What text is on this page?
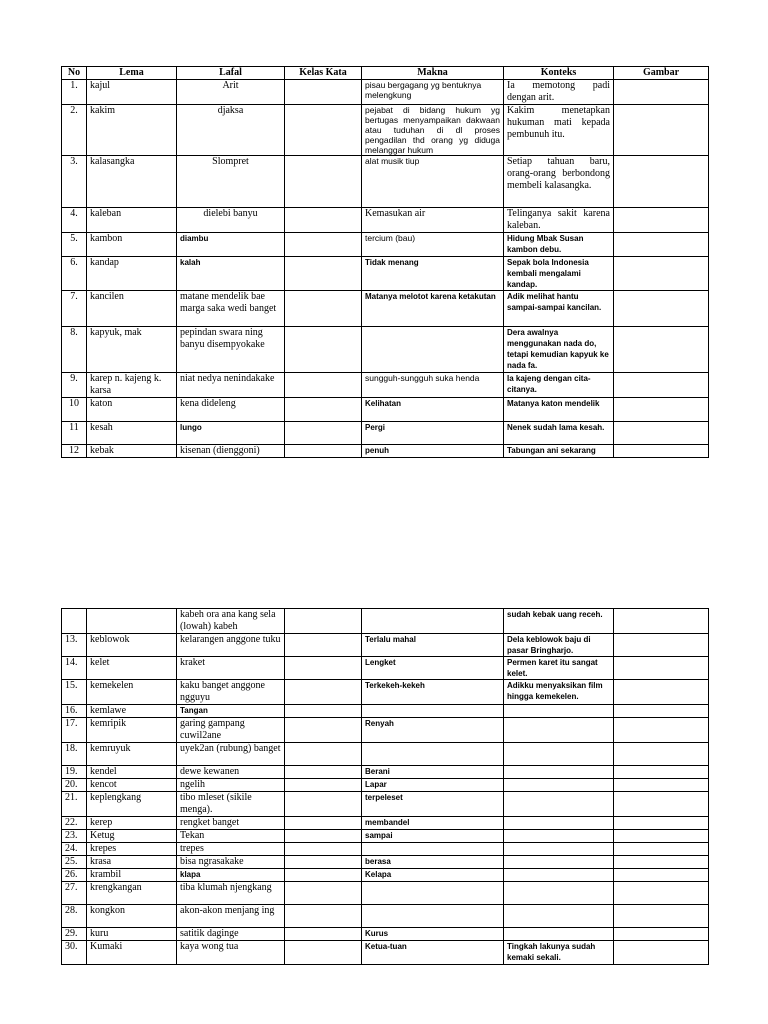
No	Lema	Lafal	Kelas Kata	Makna	Konteks	Gambar
1.	kajul	Arit		pisau bergagang yg bentuknya melengkung	Ia memotong padi dengan arit.	
2.	kakim	djaksa		pejabat di bidang hukum yg bertugas menyampaikan dakwaan atau tuduhan di dl proses pengadilan thd orang yg diduga melanggar hukum	Kakim menetapkan hukuman mati kepada pembunuh itu.	
3.	kalasangka	Slompret		alat musik tiup	Setiap tahuan baru, orang-orang berbondong membeli kalasangka.	
4.	kaleban	dielebi banyu		Kemasukan air	Telinganya sakit karena kaleban.	
5.	kambon	diambu		tercium (bau)	Hidung Mbak Susan kambon debu.	
6.	kandap	kalah		Tidak menang	Sepak bola Indonesia kembali mengalami kandap.	
7.	kancilen	matane mendelik bae marga saka wedi banget		Matanya melotot karena ketakutan	Adik melihat hantu sampai-sampai kancilan.	
8.	kapyuk, mak	pepindan swara ning banyu disempyokake			Dera awalnya menggunakan nada do, tetapi kemudian kapyuk ke nada fa.	
9.	karep n. kajeng k. karsa	niat nedya nenindakake		sungguh-sungguh suka henda	Ia kajeng dengan cita-citanya.	
10	katon	kena dideleng		Kelihatan	Matanya katon mendelik	
11	kesah	lungo		Pergi	Nenek sudah lama kesah.	
12	kebak	kisenan (dienggoni)		penuh	Tabungan ani sekarang	
		kabeh ora ana kang sela (lowah) kabeh			sudah kebak uang receh.	
13.	keblowok	kelarangen anggone tuku		Terlalu mahal	Dela keblowok baju di pasar Bringharjo.	
14.	kelet	kraket		Lengket	Permen karet itu sangat kelet.	
15.	kemekelen	kaku banget anggone ngguyu		Terkekeh-kekeh	Adikku menyaksikan film hingga kemekelen.	
16.	kemlawe	Tangan				
17.	kemripik	garing gampang cuwil2ane		Renyah		
18.	kemruyuk	uyek2an (rubung) banget				
19.	kendel	dewe kewanen		Berani		
20.	kencot	ngelih		Lapar		
21.	keplengkang	tibo mleset (sikile menga).		terpeleset		
22.	kerep	rengket banget		membandel		
23.	Ketug	Tekan		sampai		
24.	krepes	trepes				
25.	krasa	bisa ngrasakake		berasa		
26.	krambil	klapa		Kelapa		
27.	krengkangan	tiba klumah njengkang				
28.	kongkon	akon-akon menjang ing				
29.	kuru	satitik daginge		Kurus		
30.	Kumaki	kaya wong tua		Ketua-tuan	Tingkah lakunya sudah kemaki sekali.	
